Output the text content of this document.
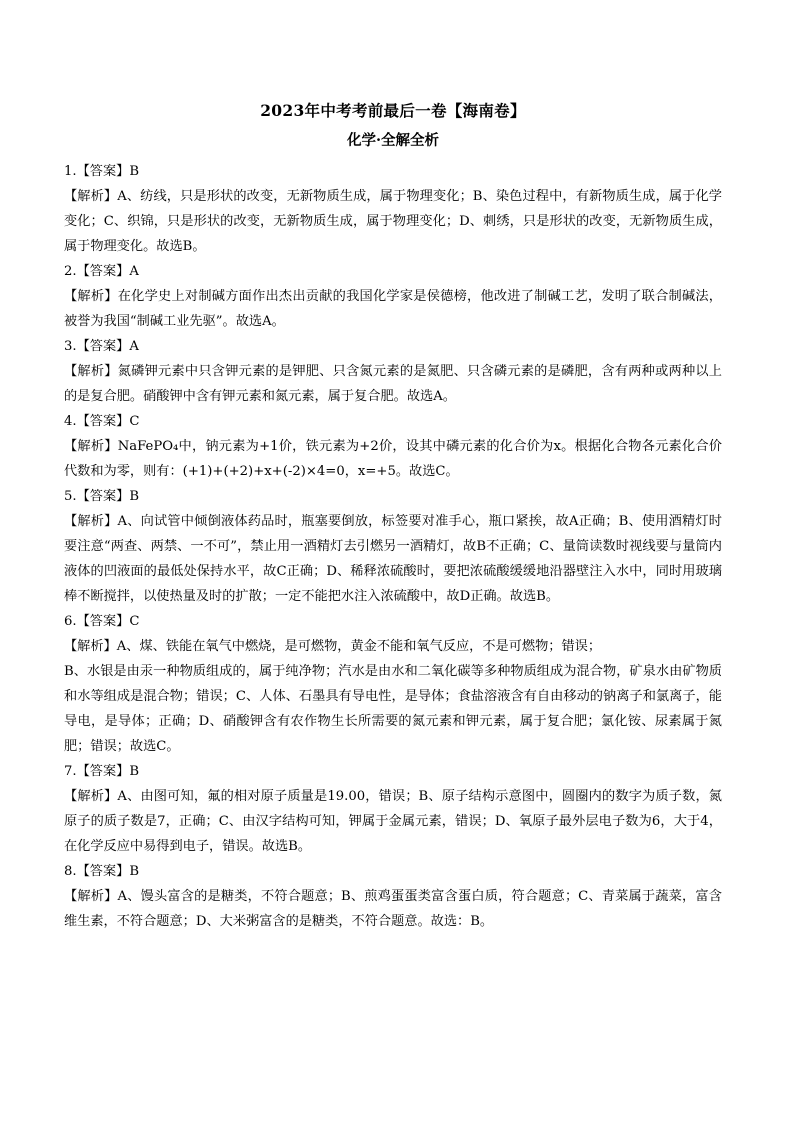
2023年中考考前最后一卷【海南卷】
化学·全解全析

1.【答案】B

【解析】A、纺线，只是形状的改变，无新物质生成，属于物理变化；B、染色过程中，有新物质生成，属于化学变化；C、织锦，只是形状的改变，无新物质生成，属于物理变化；D、刺绣，只是形状的改变，无新物质生成，属于物理变化。故选B。

2.【答案】A

【解析】在化学史上对制碱方面作出杰出贡献的我国化学家是侯德榜，他改进了制碱工艺，发明了联合制碱法，被誉为我国“制碱工业先驱”。故选A。

3.【答案】A

【解析】氮磷钾元素中只含钾元素的是钾肥、只含氮元素的是氮肥、只含磷元素的是磷肥，含有两种或两种以上的是复合肥。硝酸钾中含有钾元素和氮元素，属于复合肥。故选A。

4.【答案】C

【解析】NaFePO₄中，钠元素为+1价，铁元素为+2价，设其中磷元素的化合价为x。根据化合物各元素化合价代数和为零，则有：(+1)+(+2)+x+(-2)×4=0，x=+5。故选C。

5.【答案】B

【解析】A、向试管中倾倒液体药品时，瓶塞要倒放，标签要对准手心，瓶口紧挨，故A正确；B、使用酒精灯时要注意“两查、两禁、一不可”，禁止用一酒精灯去引燃另一酒精灯，故B不正确；C、量筒读数时视线要与量筒内液体的凹液面的最低处保持水平，故C正确；D、稀释浓硫酸时，要把浓硫酸缓缓地沿器壁注入水中，同时用玻璃棒不断搅拌，以使热量及时的扩散；一定不能把水注入浓硫酸中，故D正确。故选B。

6.【答案】C

【解析】A、煤、铁能在氧气中燃烧，是可燃物，黄金不能和氧气反应，不是可燃物；错误；
B、水银是由汞一种物质组成的，属于纯净物；汽水是由水和二氧化碳等多种物质组成为混合物，矿泉水由矿物质和水等组成是混合物；错误；C、人体、石墨具有导电性，是导体；食盐溶液含有自由移动的钠离子和氯离子，能导电，是导体；正确；D、硝酸钾含有农作物生长所需要的氮元素和钾元素，属于复合肥；氯化铵、尿素属于氮肥；错误；故选C。

7.【答案】B

【解析】A、由图可知，氟的相对原子质量是19.00，错误；B、原子结构示意图中，圆圈内的数字为质子数，氮原子的质子数是7，正确；C、由汉字结构可知，钾属于金属元素，错误；D、氧原子最外层电子数为6，大于4，在化学反应中易得到电子，错误。故选B。

8.【答案】B

【解析】A、馒头富含的是糖类，不符合题意；B、煎鸡蛋蛋类富含蛋白质，符合题意；C、青菜属于蔬菜，富含维生素，不符合题意；D、大米粥富含的是糖类，不符合题意。故选：B。
